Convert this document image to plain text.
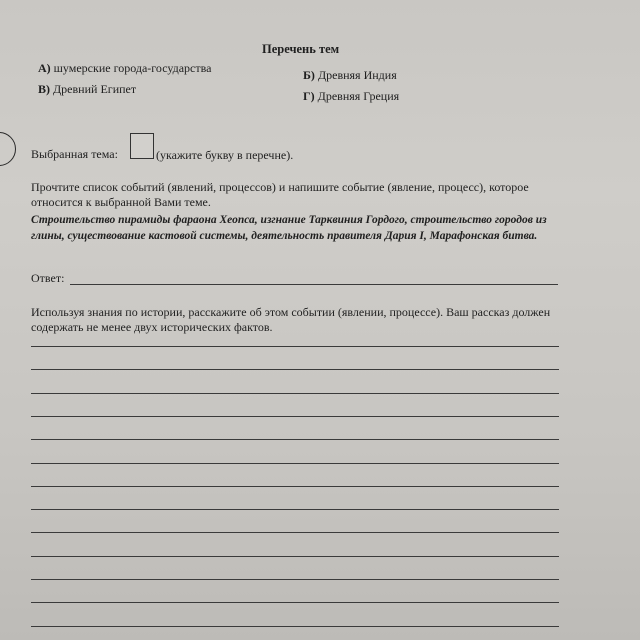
Перечень тем
А) шумерские города-государства	Б) Древняя Индия
В) Древний Египет	Г) Древняя Греция
Выбранная тема:	(укажите букву в перечне).
Прочтите список событий (явлений, процессов) и напишите событие (явление, процесс), которое относится к выбранной Вами теме.
Строительство пирамиды фараона Хеопса, изгнание Тарквиния Гордого, строительство городов из глины, существование кастовой системы, деятельность правителя Дария I, Марафонская битва.
Ответ:
Используя знания по истории, расскажите об этом событии (явлении, процессе). Ваш рассказ должен содержать не менее двух исторических фактов.
